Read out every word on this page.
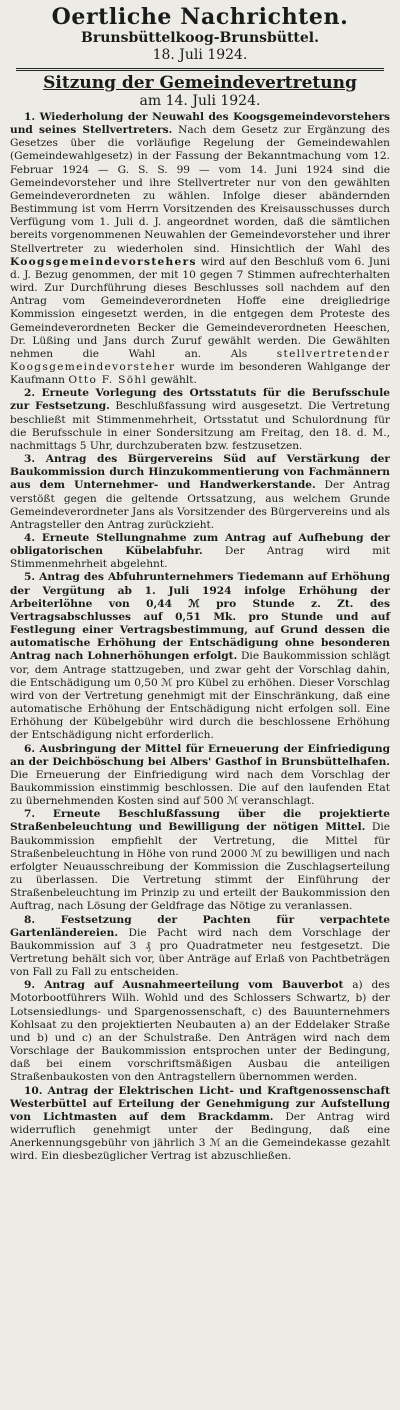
Oertliche Nachrichten.
Brunsbüttelkoog-Brunsbüttel.
18. Juli 1924.
Sitzung der Gemeindevertretung
am 14. Juli 1924.

1. Wiederholung der Neuwahl des Koogsgemeindevorstehers und seines Stellvertreters. Nach dem Gesetz zur Ergänzung des Gesetzes über die vorläufige Regelung der Gemeindewahlen (Gemeindewahlgesetz) in der Fassung der Bekanntmachung vom 12. Februar 1924 — G. S. S. 99 — vom 14. Juni 1924 sind die Gemeindevorsteher und ihre Stellvertreter nur von den gewählten Gemeindeverordneten zu wählen. Infolge dieser abändernden Bestimmung ist vom Herrn Vorsitzenden des Kreisausschusses durch Verfügung vom 1. Juli d. J. angeordnet worden, daß die sämtlichen bereits vorgenommenen Neuwahlen der Gemeindevorsteher und ihrer Stellvertreter zu wiederholen sind. Hinsichtlich der Wahl des Koogsgemeindevorstehers wird auf den Beschluß vom 6. Juni d. J. Bezug genommen, der mit 10 gegen 7 Stimmen aufrechterhalten wird. Zur Durchführung dieses Beschlusses soll nachdem auf den Antrag vom Gemeindeverordneten Hoffe eine dreigliedrige Kommission eingesetzt werden, in die entgegen dem Proteste des Gemeindeverordneten Becker die Gemeindeverordneten Heeschen, Dr. Lüßing und Jans durch Zuruf gewählt werden. Die Gewählten nehmen die Wahl an. Als	stellvertretender Koogsgemeindevorsteher wurde im besonderen Wahlgange der Kaufmann Otto F. Söhl gewählt.

2. Erneute Vorlegung des Ortsstatuts für die Berufsschule zur Festsetzung. Beschlußfassung wird ausgesetzt. Die Vertretung beschließt mit Stimmenmehrheit, Ortsstatut und Schulordnung für die Berufsschule in einer Sondersitzung am Freitag, den 18. d. M., nachmittags 5 Uhr, durchzuberaten bzw. festzusetzen.

3. Antrag des Bürgervereins Süd auf Verstärkung der Baukommission durch Hinzukommentierung von Fachmännern aus dem Unternehmer- und Handwerkerstande. Der Antrag verstößt gegen die geltende Ortssatzung, aus welchem Grunde Gemeindeverordneter Jans als Vorsitzender des Bürgervereins und als Antragsteller den Antrag zurückzieht.

4. Erneute Stellungnahme zum Antrag auf Aufhebung der obligatorischen Kübelabfuhr. Der Antrag wird mit Stimmenmehrheit abgelehnt.

5. Antrag des Abfuhrunternehmers Tiedemann auf Erhöhung der Vergütung ab 1. Juli 1924 infolge Erhöhung der Arbeiterlöhne von 0,44 ℳ pro Stunde z. Zt. des Vertragsabschlusses auf 0,51 Mk. pro Stunde und auf Festlegung einer Vertragsbestimmung, auf Grund dessen die automatische Erhöhung der Entschädigung ohne besonderen Antrag nach Lohnerhöhungen erfolgt. Die Baukommission schlägt vor, dem Antrage stattzugeben, und zwar geht der Vorschlag dahin, die Entschädigung um 0,50 ℳ pro Kübel zu erhöhen. Dieser Vorschlag wird von der Vertretung genehmigt mit der Einschränkung, daß eine automatische Erhöhung der Entschädigung nicht erfolgen soll. Eine Erhöhung der Kübelgebühr wird durch die beschlossene Erhöhung der Entschädigung nicht erforderlich.

6. Ausbringung der Mittel für Erneuerung der Einfriedigung an der Deichböschung bei Albers' Gasthof in Brunsbüttelhafen. Die Erneuerung der Einfriedigung wird nach dem Vorschlag der Baukommission einstimmig beschlossen. Die auf den laufenden Etat zu übernehmenden Kosten sind auf 500 ℳ veranschlagt.

7. Erneute Beschlußfassung über die projektierte Straßenbeleuchtung und Bewilligung der nötigen Mittel. Die Baukommission empfiehlt der Vertretung, die Mittel für Straßenbeleuchtung in Höhe von rund 2000 ℳ zu bewilligen und nach erfolgter Neuausschreibung der Kommission die Zuschlagserteilung zu überlassen. Die Vertretung stimmt der Einführung der Straßenbeleuchtung im Prinzip zu und erteilt der Baukommission den Auftrag, nach Lösung der Geldfrage das Nötige zu veranlassen.

8. Festsetzung der Pachten für verpachtete Gartenländereien. Die Pacht wird nach dem Vorschlage der Baukommission auf 3 ₰ pro Quadratmeter neu festgesetzt. Die Vertretung behält sich vor, über Anträge auf Erlaß von Pachtbeträgen von Fall zu Fall zu entscheiden.

9. Antrag auf Ausnahmeerteilung vom Bauverbot a) des Motorbootführers Wilh. Wohld und des Schlossers Schwartz, b) der Lotsensiedlungs- und Spargenossenschaft, c) des Bauunternehmers Kohlsaat zu den projektierten Neubauten a) an der Eddelaker Straße und b) und c) an der Schulstraße. Den Anträgen wird nach dem Vorschlage der Baukommission entsprochen unter der Bedingung, daß bei einem vorschriftsmäßigen Ausbau die anteiligen Straßenbaukosten von den Antragstellern übernommen werden.

10. Antrag der Elektrischen Licht- und Kraftgenossenschaft Westerbüttel auf Erteilung der Genehmigung zur Aufstellung von Lichtmasten auf dem Brackdamm. Der Antrag wird widerruflich genehmigt unter der Bedingung, daß eine Anerkennungsgebühr von jährlich 3 ℳ an die Gemeindekasse gezahlt wird. Ein diesbezüglicher Vertrag ist abzuschließen.
